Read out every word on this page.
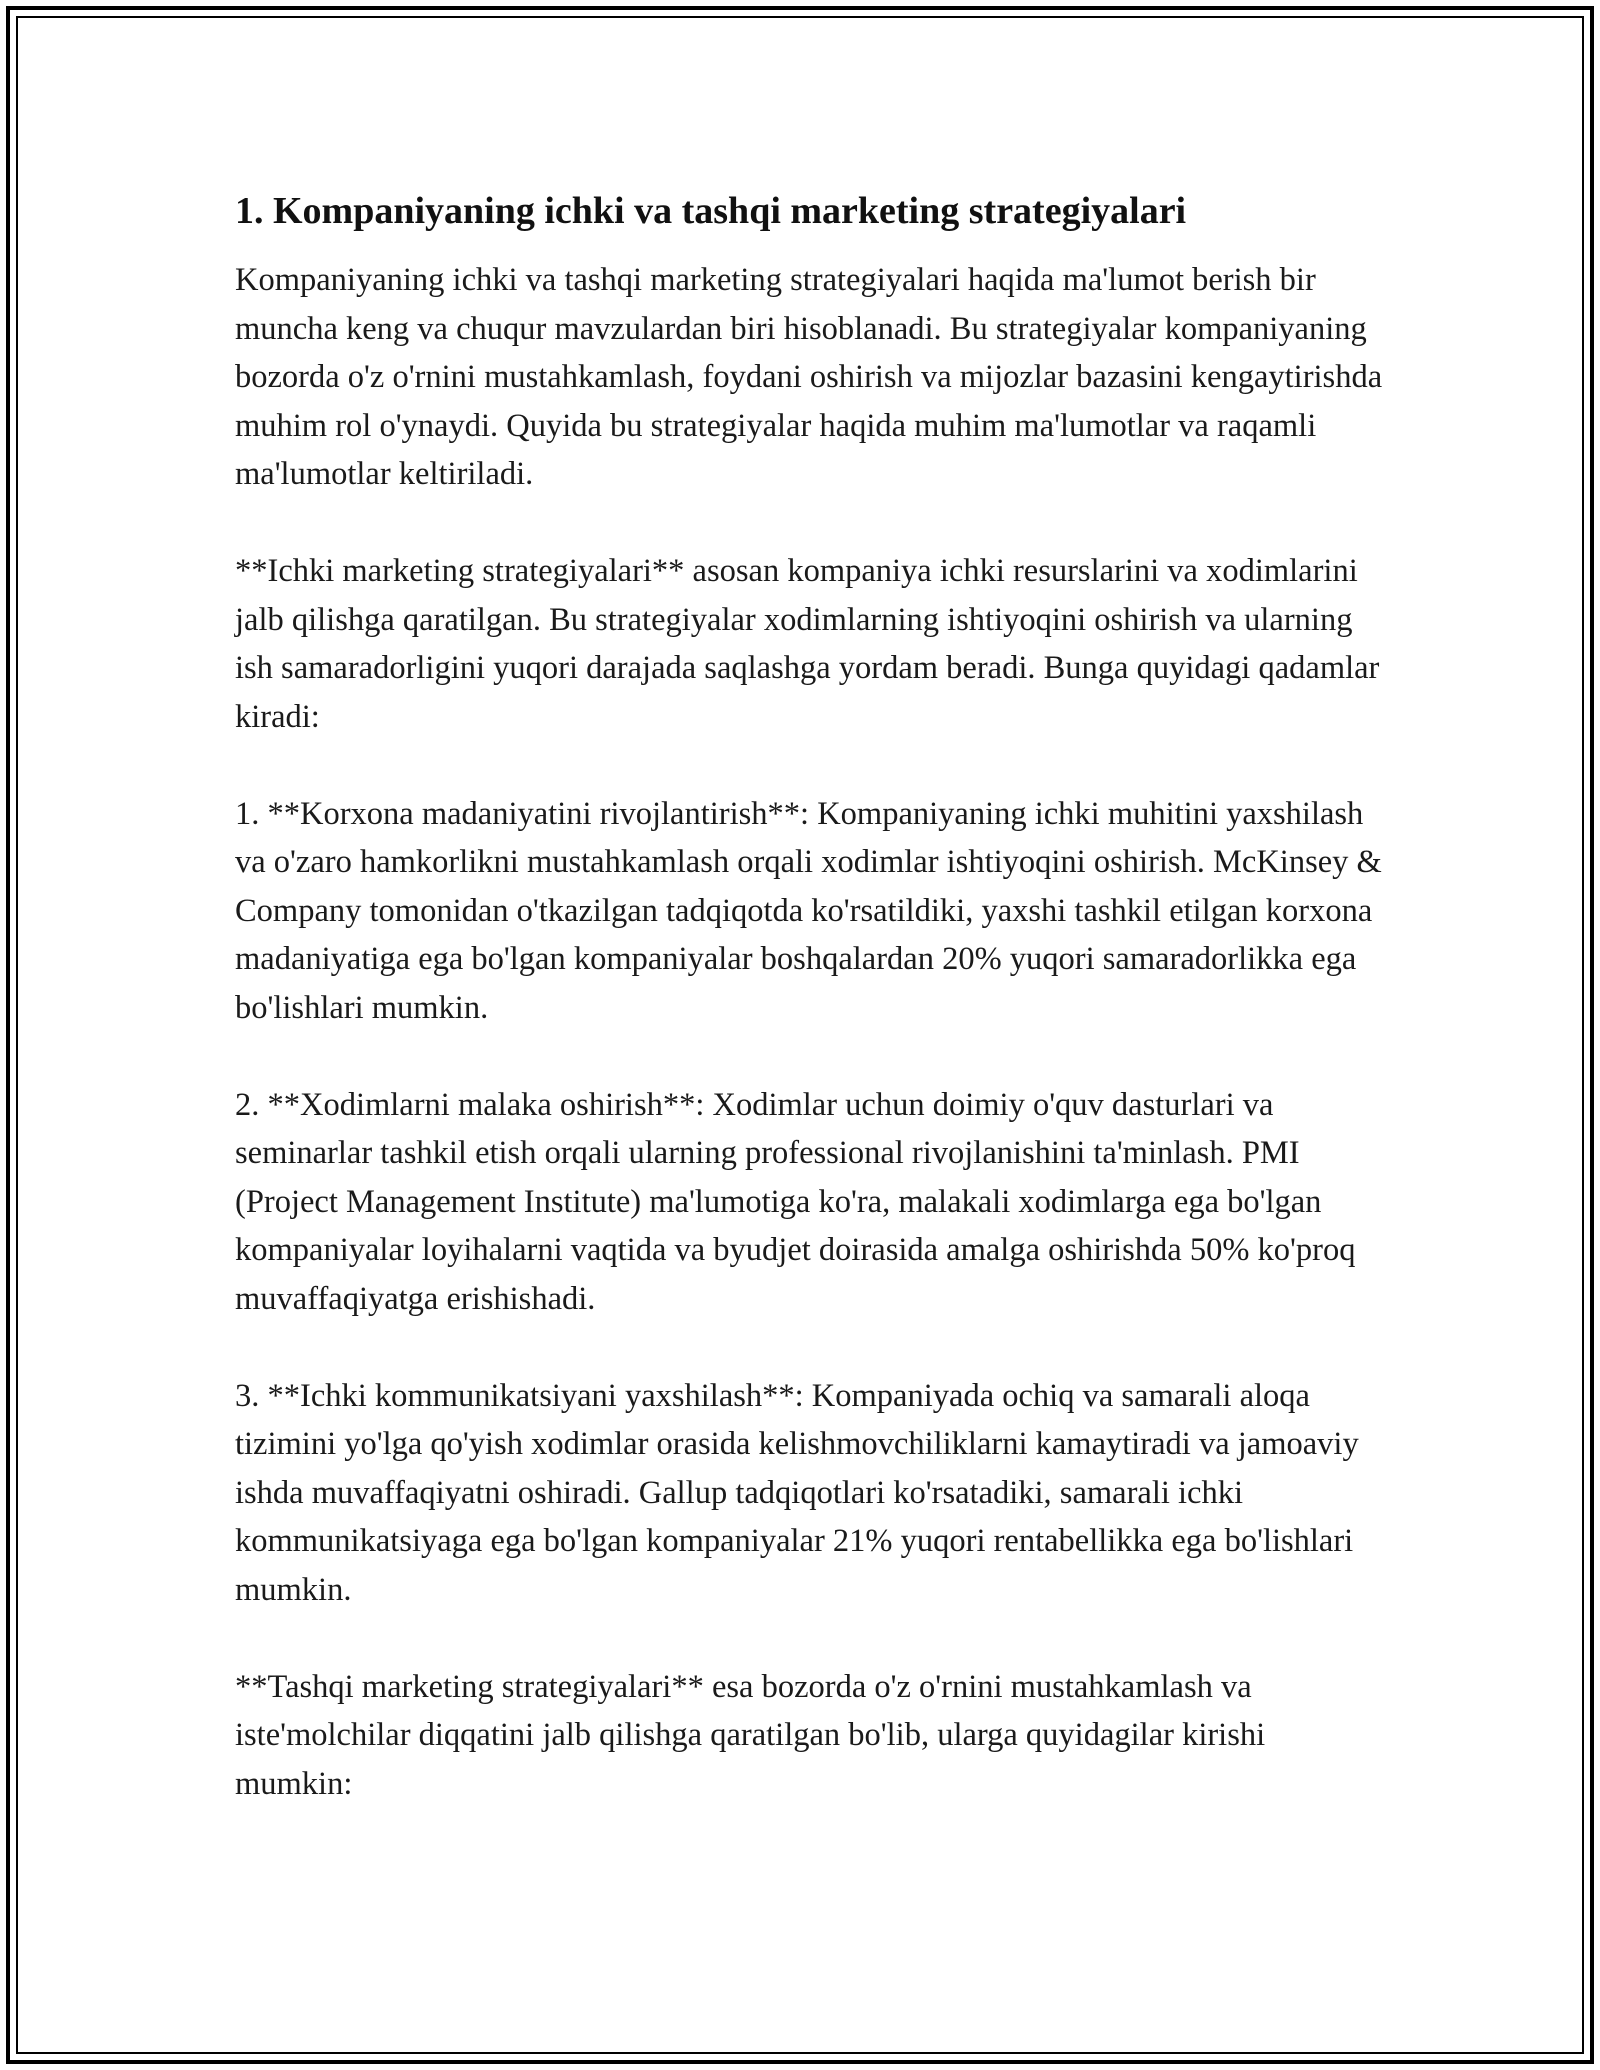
1. Kompaniyaning ichki va tashqi marketing strategiyalari

Kompaniyaning ichki va tashqi marketing strategiyalari haqida ma'lumot berish bir muncha keng va chuqur mavzulardan biri hisoblanadi. Bu strategiyalar kompaniyaning bozorda o'z o'rnini mustahkamlash, foydani oshirish va mijozlar bazasini kengaytirishda muhim rol o'ynaydi. Quyida bu strategiyalar haqida muhim ma'lumotlar va raqamli ma'lumotlar keltiriladi.

**Ichki marketing strategiyalari** asosan kompaniya ichki resurslarini va xodimlarini jalb qilishga qaratilgan. Bu strategiyalar xodimlarning ishtiyoqini oshirish va ularning ish samaradorligini yuqori darajada saqlashga yordam beradi. Bunga quyidagi qadamlar kiradi:

1. **Korxona madaniyatini rivojlantirish**: Kompaniyaning ichki muhitini yaxshilash va o'zaro hamkorlikni mustahkamlash orqali xodimlar ishtiyoqini oshirish. McKinsey & Company tomonidan o'tkazilgan tadqiqotda ko'rsatildiki, yaxshi tashkil etilgan korxona madaniyatiga ega bo'lgan kompaniyalar boshqalardan 20% yuqori samaradorlikka ega bo'lishlari mumkin.

2. **Xodimlarni malaka oshirish**: Xodimlar uchun doimiy o'quv dasturlari va seminarlar tashkil etish orqali ularning professional rivojlanishini ta'minlash. PMI (Project Management Institute) ma'lumotiga ko'ra, malakali xodimlarga ega bo'lgan kompaniyalar loyihalarni vaqtida va byudjet doirasida amalga oshirishda 50% ko'proq muvaffaqiyatga erishishadi.

3. **Ichki kommunikatsiyani yaxshilash**: Kompaniyada ochiq va samarali aloqa tizimini yo'lga qo'yish xodimlar orasida kelishmovchiliklarni kamaytiradi va jamoaviy ishda muvaffaqiyatni oshiradi. Gallup tadqiqotlari ko'rsatadiki, samarali ichki kommunikatsiyaga ega bo'lgan kompaniyalar 21% yuqori rentabellikka ega bo'lishlari mumkin.

**Tashqi marketing strategiyalari** esa bozorda o'z o'rnini mustahkamlash va iste'molchilar diqqatini jalb qilishga qaratilgan bo'lib, ularga quyidagilar kirishi mumkin:
